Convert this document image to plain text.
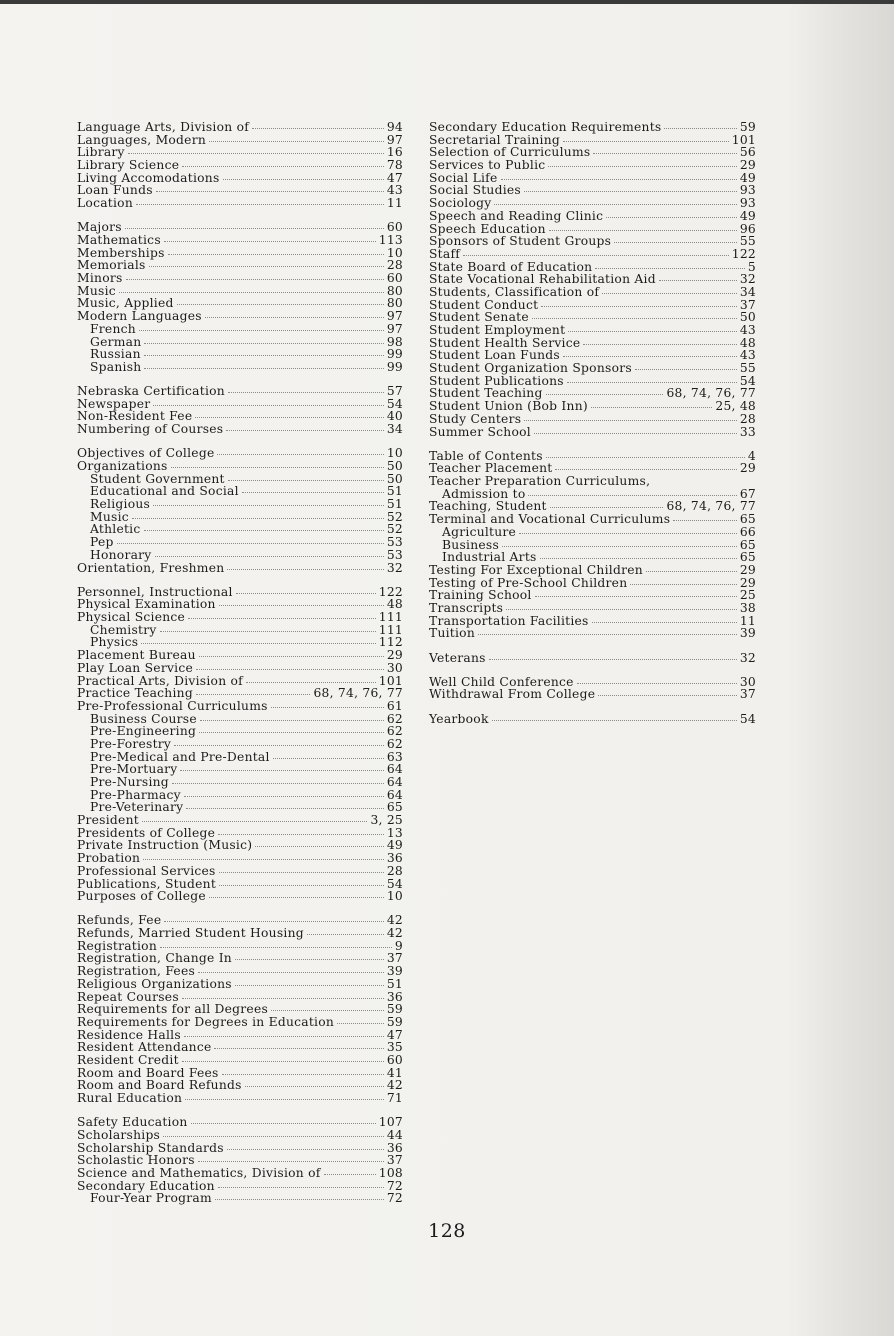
Language Arts, Division of	94
Languages, Modern	97
Library	16
Library Science	78
Living Accomodations	47
Loan Funds	43
Location	11
Majors	60
Mathematics	113
Memberships	10
Memorials	28
Minors	60
Music	80
Music, Applied	80
Modern Languages	97
French	97
German	98
Russian	99
Spanish	99
Nebraska Certification	57
Newspaper	54
Non-Resident Fee	40
Numbering of Courses	34
Objectives of College	10
Organizations	50
Student Government	50
Educational and Social	51
Religious	51
Music	52
Athletic	52
Pep	53
Honorary	53
Orientation, Freshmen	32
Personnel, Instructional	122
Physical Examination	48
Physical Science	111
Chemistry	111
Physics	112
Placement Bureau	29
Play Loan Service	30
Practical Arts, Division of	101
Practice Teaching	68, 74, 76, 77
Pre-Professional Curriculums	61
Business Course	62
Pre-Engineering	62
Pre-Forestry	62
Pre-Medical and Pre-Dental	63
Pre-Mortuary	64
Pre-Nursing	64
Pre-Pharmacy	64
Pre-Veterinary	65
President	3, 25
Presidents of College	13
Private Instruction (Music)	49
Probation	36
Professional Services	28
Publications, Student	54
Purposes of College	10
Refunds, Fee	42
Refunds, Married Student Housing	42
Registration	9
Registration, Change In	37
Registration, Fees	39
Religious Organizations	51
Repeat Courses	36
Requirements for all Degrees	59
Requirements for Degrees in Education	59
Residence Halls	47
Resident Attendance	35
Resident Credit	60
Room and Board Fees	41
Room and Board Refunds	42
Rural Education	71
Safety Education	107
Scholarships	44
Scholarship Standards	36
Scholastic Honors	37
Science and Mathematics, Division of	108
Secondary Education	72
Four-Year Program	72
Secondary Education Requirements	59
Secretarial Training	101
Selection of Curriculums	56
Services to Public	29
Social Life	49
Social Studies	93
Sociology	93
Speech and Reading Clinic	49
Speech Education	96
Sponsors of Student Groups	55
Staff	122
State Board of Education	5
State Vocational Rehabilitation Aid	32
Students, Classification of	34
Student Conduct	37
Student Senate	50
Student Employment	43
Student Health Service	48
Student Loan Funds	43
Student Organization Sponsors	55
Student Publications	54
Student Teaching	68, 74, 76, 77
Student Union (Bob Inn)	25, 48
Study Centers	28
Summer School	33
Table of Contents	4
Teacher Placement	29
Teacher Preparation Curriculums,
Admission to	67
Teaching, Student	68, 74, 76, 77
Terminal and Vocational Curriculums	65
Agriculture	66
Business	65
Industrial Arts	65
Testing For Exceptional Children	29
Testing of Pre-School Children	29
Training School	25
Transcripts	38
Transportation Facilities	11
Tuition	39
Veterans	32
Well Child Conference	30
Withdrawal From College	37
Yearbook	54
128
